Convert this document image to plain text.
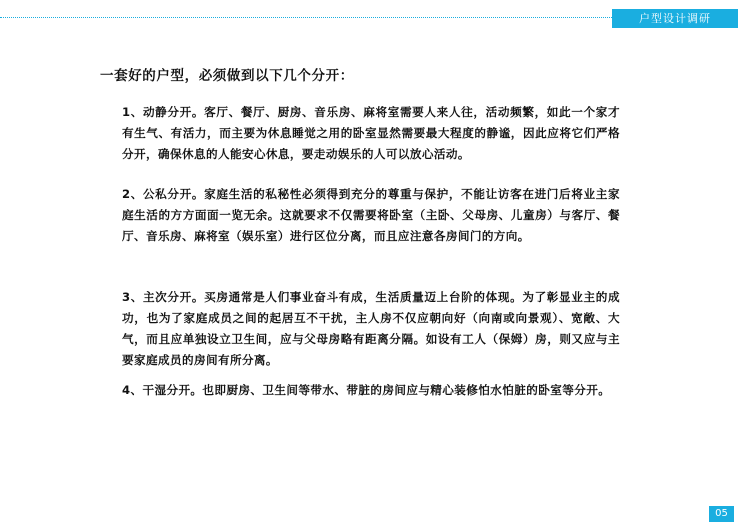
户型设计调研

一套好的户型，必须做到以下几个分开：

1、动静分开。客厅、餐厅、厨房、音乐房、麻将室需要人来人往，活动频繁，如此一个家才有生气、有活力，而主要为休息睡觉之用的卧室显然需要最大程度的静谧，因此应将它们严格分开，确保休息的人能安心休息，要走动娱乐的人可以放心活动。

2、公私分开。家庭生活的私秘性必须得到充分的尊重与保护，不能让访客在进门后将业主家庭生活的方方面面一览无余。这就要求不仅需要将卧室（主卧、父母房、儿童房）与客厅、餐厅、音乐房、麻将室（娱乐室）进行区位分离，而且应注意各房间门的方向。

3、主次分开。买房通常是人们事业奋斗有成，生活质量迈上台阶的体现。为了彰显业主的成功，也为了家庭成员之间的起居互不干扰，主人房不仅应朝向好（向南或向景观）、宽敞、大气，而且应单独设立卫生间，应与父母房略有距离分隔。如设有工人（保姆）房，则又应与主要家庭成员的房间有所分离。

4、干湿分开。也即厨房、卫生间等带水、带脏的房间应与精心装修怕水怕脏的卧室等分开。

05
